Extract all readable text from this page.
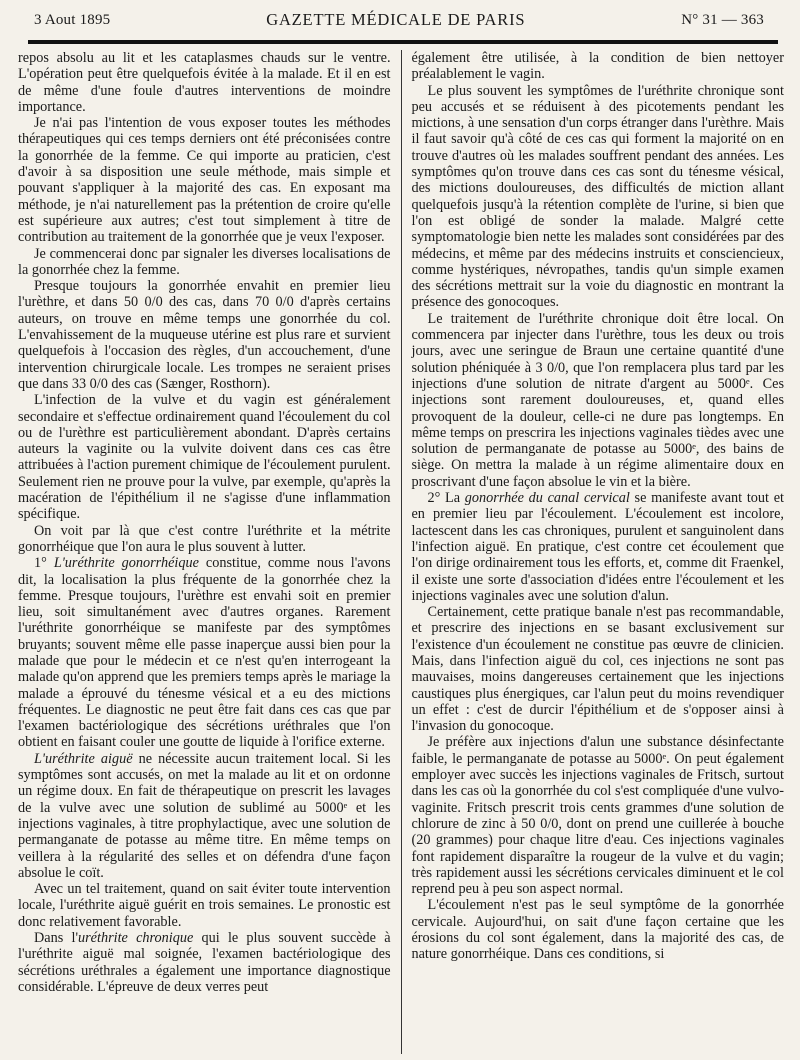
3 Aout 1895	GAZETTE MÉDICALE DE PARIS	N° 31 — 363

repos absolu au lit et les cataplasmes chauds sur le ventre. L'opération peut être quelquefois évitée à la malade. Et il en est de même d'une foule d'autres interventions de moindre importance.

Je n'ai pas l'intention de vous exposer toutes les méthodes thérapeutiques qui ces temps derniers ont été préconisées contre la gonorrhée de la femme. Ce qui importe au praticien, c'est d'avoir à sa disposition une seule méthode, mais simple et pouvant s'appliquer à la majorité des cas. En exposant ma méthode, je n'ai naturellement pas la prétention de croire qu'elle est supérieure aux autres; c'est tout simplement à titre de contribution au traitement de la gonorrhée que je veux l'exposer.

Je commencerai donc par signaler les diverses localisations de la gonorrhée chez la femme.

Presque toujours la gonorrhée envahit en premier lieu l'urèthre, et dans 50 0/0 des cas, dans 70 0/0 d'après certains auteurs, on trouve en même temps une gonorrhée du col. L'envahissement de la muqueuse utérine est plus rare et survient quelquefois à l'occasion des règles, d'un accouchement, d'une intervention chirurgicale locale. Les trompes ne seraient prises que dans 33 0/0 des cas (Sænger, Rosthorn).

L'infection de la vulve et du vagin est généralement secondaire et s'effectue ordinairement quand l'écoulement du col ou de l'urèthre est particulièrement abondant. D'après certains auteurs la vaginite ou la vulvite doivent dans ces cas être attribuées à l'action purement chimique de l'écoulement purulent. Seulement rien ne prouve pour la vulve, par exemple, qu'après la macération de l'épithélium il ne s'agisse d'une inflammation spécifique.

On voit par là que c'est contre l'uréthrite et la métrite gonorrhéique que l'on aura le plus souvent à lutter.

1° L'uréthrite gonorrhéique constitue, comme nous l'avons dit, la localisation la plus fréquente de la gonorrhée chez la femme. Presque toujours, l'urèthre est envahi soit en premier lieu, soit simultanément avec d'autres organes. Rarement l'uréthrite gonorrhéique se manifeste par des symptômes bruyants; souvent même elle passe inaperçue aussi bien pour la malade que pour le médecin et ce n'est qu'en interrogeant la malade qu'on apprend que les premiers temps après le mariage la malade a éprouvé du ténesme vésical et a eu des mictions fréquentes. Le diagnostic ne peut être fait dans ces cas que par l'examen bactériologique des sécrétions uréthrales que l'on obtient en faisant couler une goutte de liquide à l'orifice externe.

L'uréthrite aiguë ne nécessite aucun traitement local. Si les symptômes sont accusés, on met la malade au lit et on ordonne un régime doux. En fait de thérapeutique on prescrit les lavages de la vulve avec une solution de sublimé au 5000ᵉ et les injections vaginales, à titre prophylactique, avec une solution de permanganate de potasse au même titre. En même temps on veillera à la régularité des selles et on défendra d'une façon absolue le coït.

Avec un tel traitement, quand on sait éviter toute intervention locale, l'uréthrite aiguë guérit en trois semaines. Le pronostic est donc relativement favorable.

Dans l'uréthrite chronique qui le plus souvent succède à l'uréthrite aiguë mal soignée, l'examen bactériologique des sécrétions uréthrales a également une importance diagnostique considérable. L'épreuve de deux verres peut

également être utilisée, à la condition de bien nettoyer préalablement le vagin.

Le plus souvent les symptômes de l'uréthrite chronique sont peu accusés et se réduisent à des picotements pendant les mictions, à une sensation d'un corps étranger dans l'urèthre. Mais il faut savoir qu'à côté de ces cas qui forment la majorité on en trouve d'autres où les malades souffrent pendant des années. Les symptômes qu'on trouve dans ces cas sont du ténesme vésical, des mictions douloureuses, des difficultés de miction allant quelquefois jusqu'à la rétention complète de l'urine, si bien que l'on est obligé de sonder la malade. Malgré cette symptomatologie bien nette les malades sont considérées par des médecins, et même par des médecins instruits et consciencieux, comme hystériques, névropathes, tandis qu'un simple examen des sécrétions mettrait sur la voie du diagnostic en montrant la présence des gonocoques.

Le traitement de l'uréthrite chronique doit être local. On commencera par injecter dans l'urèthre, tous les deux ou trois jours, avec une seringue de Braun une certaine quantité d'une solution phéniquée à 3 0/0, que l'on remplacera plus tard par les injections d'une solution de nitrate d'argent au 5000ᵉ. Ces injections sont rarement douloureuses, et, quand elles provoquent de la douleur, celle-ci ne dure pas longtemps. En même temps on prescrira les injections vaginales tièdes avec une solution de permanganate de potasse au 5000ᵉ, des bains de siège. On mettra la malade à un régime alimentaire doux en proscrivant d'une façon absolue le vin et la bière.

2° La gonorrhée du canal cervical se manifeste avant tout et en premier lieu par l'écoulement. L'écoulement est incolore, lactescent dans les cas chroniques, purulent et sanguinolent dans l'infection aiguë. En pratique, c'est contre cet écoulement que l'on dirige ordinairement tous les efforts, et, comme dit Fraenkel, il existe une sorte d'association d'idées entre l'écoulement et les injections vaginales avec une solution d'alun.

Certainement, cette pratique banale n'est pas recommandable, et prescrire des injections en se basant exclusivement sur l'existence d'un écoulement ne constitue pas œuvre de clinicien. Mais, dans l'infection aiguë du col, ces injections ne sont pas mauvaises, moins dangereuses certainement que les injections caustiques plus énergiques, car l'alun peut du moins revendiquer un effet : c'est de durcir l'épithélium et de s'opposer ainsi à l'invasion du gonocoque.

Je préfère aux injections d'alun une substance désinfectante faible, le permanganate de potasse au 5000ᵉ. On peut également employer avec succès les injections vaginales de Fritsch, surtout dans les cas où la gonorrhée du col s'est compliquée d'une vulvo-vaginite. Fritsch prescrit trois cents grammes d'une solution de chlorure de zinc à 50 0/0, dont on prend une cuillerée à bouche (20 grammes) pour chaque litre d'eau. Ces injections vaginales font rapidement disparaître la rougeur de la vulve et du vagin; très rapidement aussi les sécrétions cervicales diminuent et le col reprend peu à peu son aspect normal.

L'écoulement n'est pas le seul symptôme de la gonorrhée cervicale. Aujourd'hui, on sait d'une façon certaine que les érosions du col sont également, dans la majorité des cas, de nature gonorrhéique. Dans ces conditions, si
